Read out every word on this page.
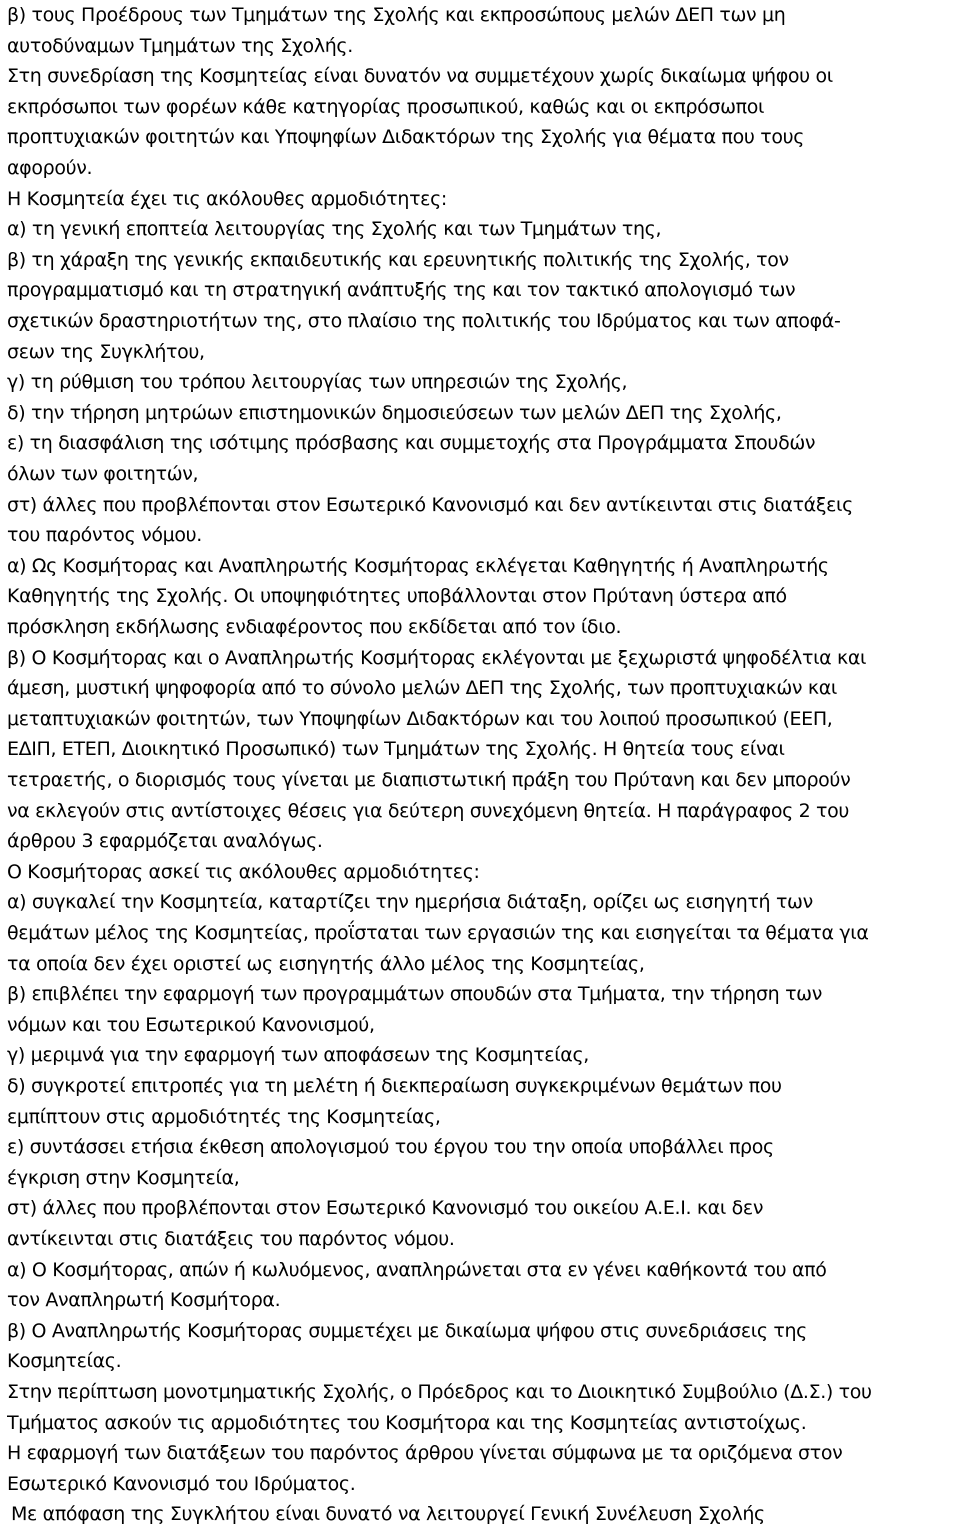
β) τους Προέδρους των Τμημάτων της Σχολής και εκπροσώπους μελών ΔΕΠ των μη
αυτοδύναμων Τμημάτων της Σχολής.
Στη συνεδρίαση της Κοσμητείας είναι δυνατόν να συμμετέχουν χωρίς δικαίωμα ψήφου οι
εκπρόσωποι των φορέων κάθε κατηγορίας προσωπικού, καθώς και οι εκπρόσωποι
προπτυχιακών φοιτητών και Υποψηφίων Διδακτόρων της Σχολής για θέματα που τους
αφορούν.
Η Κοσμητεία έχει τις ακόλουθες αρμοδιότητες:
α) τη γενική εποπτεία λειτουργίας της Σχολής και των Τμημάτων της,
β) τη χάραξη της γενικής εκπαιδευτικής και ερευνητικής πολιτικής της Σχολής, τον
προγραμματισμό και τη στρατηγική ανάπτυξής της και τον τακτικό απολογισμό των
σχετικών δραστηριοτήτων της, στο πλαίσιο της πολιτικής του Ιδρύματος και των αποφά-
σεων της Συγκλήτου,
γ) τη ρύθμιση του τρόπου λειτουργίας των υπηρεσιών της Σχολής,
δ) την τήρηση μητρώων επιστημονικών δημοσιεύσεων των μελών ΔΕΠ της Σχολής,
ε) τη διασφάλιση της ισότιμης πρόσβασης και συμμετοχής στα Προγράμματα Σπουδών
όλων των φοιτητών,
στ) άλλες που προβλέπονται στον Εσωτερικό Κανονισμό και δεν αντίκεινται στις διατάξεις
του παρόντος νόμου.
α) Ως Κοσμήτορας και Αναπληρωτής Κοσμήτορας εκλέγεται Καθηγητής ή Αναπληρωτής
Καθηγητής της Σχολής. Οι υποψηφιότητες υποβάλλονται στον Πρύτανη ύστερα από
πρόσκληση εκδήλωσης ενδιαφέροντος που εκδίδεται από τον ίδιο.
β) Ο Κοσμήτορας και ο Αναπληρωτής Κοσμήτορας εκλέγονται με ξεχωριστά ψηφοδέλτια και
άμεση, μυστική ψηφοφορία από το σύνολο μελών ΔΕΠ της Σχολής, των προπτυχιακών και
μεταπτυχιακών φοιτητών, των Υποψηφίων Διδακτόρων και του λοιπού προσωπικού (ΕΕΠ,
ΕΔΙΠ, ΕΤΕΠ, Διοικητικό Προσωπικό) των Τμημάτων της Σχολής. Η θητεία τους είναι
τετραετής, ο διορισμός τους γίνεται με διαπιστωτική πράξη του Πρύτανη και δεν μπορούν
να εκλεγούν στις αντίστοιχες θέσεις για δεύτερη συνεχόμενη θητεία. Η παράγραφος 2 του
άρθρου 3 εφαρμόζεται αναλόγως.
Ο Κοσμήτορας ασκεί τις ακόλουθες αρμοδιότητες:
α) συγκαλεί την Κοσμητεία, καταρτίζει την ημερήσια διάταξη, ορίζει ως εισηγητή των
θεμάτων μέλος της Κοσμητείας, προΐσταται των εργασιών της και εισηγείται τα θέματα για
τα οποία δεν έχει οριστεί ως εισηγητής άλλο μέλος της Κοσμητείας,
β) επιβλέπει την εφαρμογή των προγραμμάτων σπουδών στα Τμήματα, την τήρηση των
νόμων και του Εσωτερικού Κανονισμού,
γ) μεριμνά για την εφαρμογή των αποφάσεων της Κοσμητείας,
δ) συγκροτεί επιτροπές για τη μελέτη ή διεκπεραίωση συγκεκριμένων θεμάτων που
εμπίπτουν στις αρμοδιότητές της Κοσμητείας,
ε) συντάσσει ετήσια έκθεση απολογισμού του έργου του την οποία υποβάλλει προς
έγκριση στην Κοσμητεία,
στ) άλλες που προβλέπονται στον Εσωτερικό Κανονισμό του οικείου Α.Ε.Ι. και δεν
αντίκεινται στις διατάξεις του παρόντος νόμου.
α) Ο Κοσμήτορας, απών ή κωλυόμενος, αναπληρώνεται στα εν γένει καθήκοντά του από
τον Αναπληρωτή Κοσμήτορα.
β) Ο Αναπληρωτής Κοσμήτορας συμμετέχει με δικαίωμα ψήφου στις συνεδριάσεις της
Κοσμητείας.
Στην περίπτωση μονοτμηματικής Σχολής, ο Πρόεδρος και το Διοικητικό Συμβούλιο (Δ.Σ.) του
Τμήματος ασκούν τις αρμοδιότητες του Κοσμήτορα και της Κοσμητείας αντιστοίχως.
Η εφαρμογή των διατάξεων του παρόντος άρθρου γίνεται σύμφωνα με τα οριζόμενα στον
Εσωτερικό Κανονισμό του Ιδρύματος.
Με απόφαση της Συγκλήτου είναι δυνατό να λειτουργεί Γενική Συνέλευση Σχολής
